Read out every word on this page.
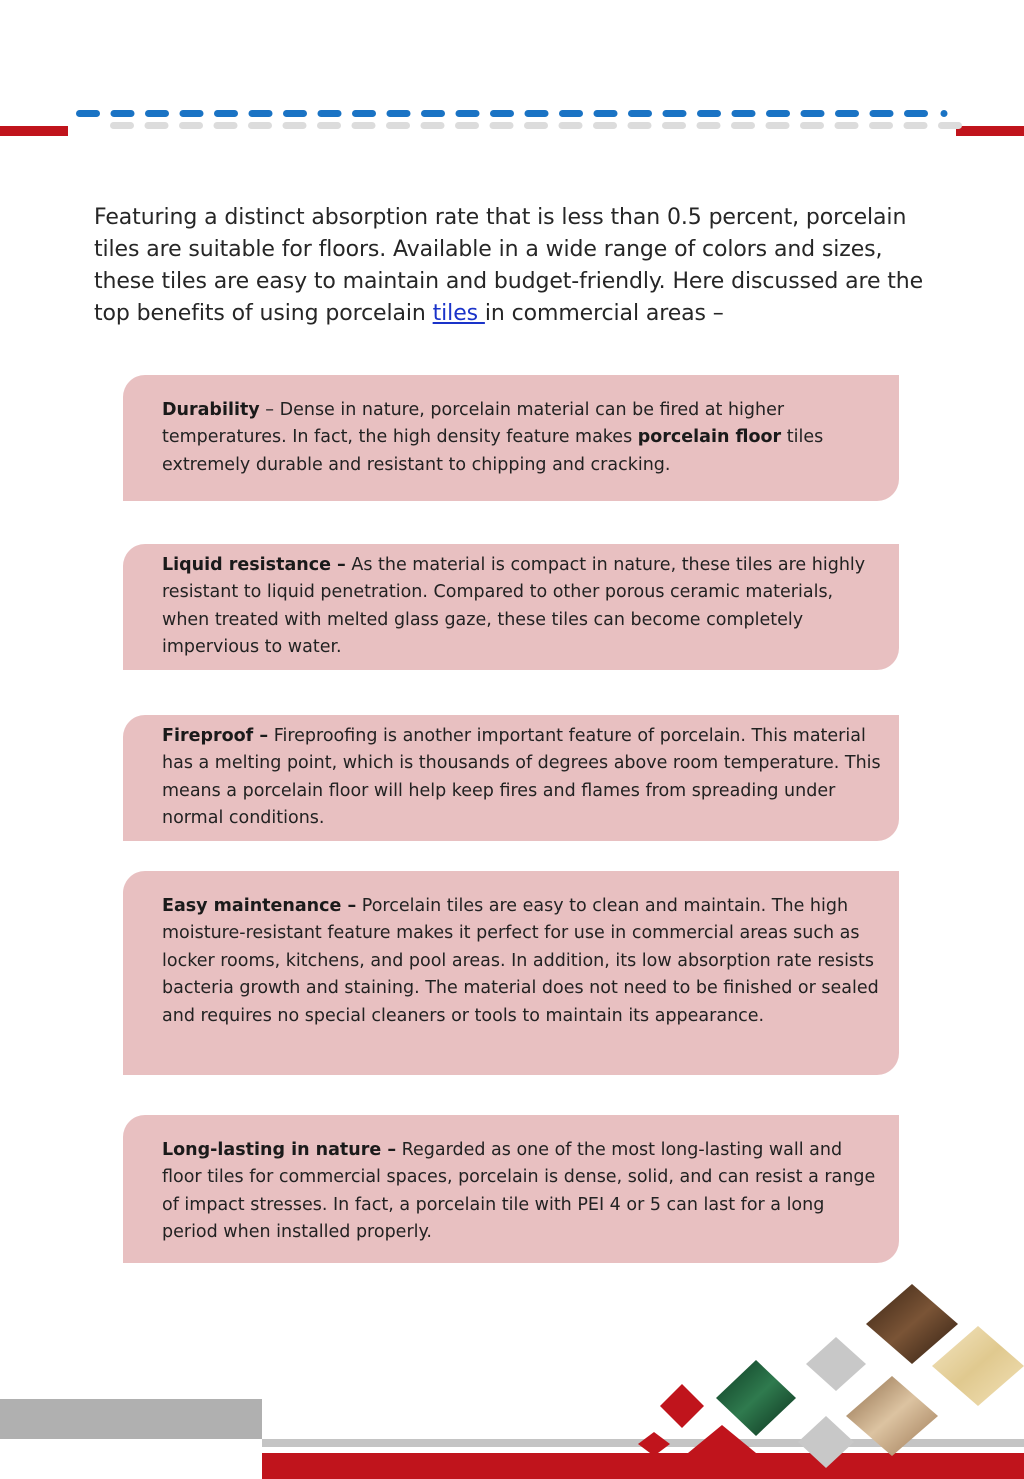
Featuring a distinct absorption rate that is less than 0.5 percent, porcelain tiles are suitable for floors. Available in a wide range of colors and sizes, these tiles are easy to maintain and budget-friendly. Here discussed are the top benefits of using porcelain tiles in commercial areas –

Durability – Dense in nature, porcelain material can be fired at higher temperatures. In fact, the high density feature makes porcelain floor tiles extremely durable and resistant to chipping and cracking.
Liquid resistance – As the material is compact in nature, these tiles are highly resistant to liquid penetration. Compared to other porous ceramic materials, when treated with melted glass gaze, these tiles can become completely impervious to water.
Fireproof – Fireproofing is another important feature of porcelain. This material has a melting point, which is thousands of degrees above room temperature. This means a porcelain floor will help keep fires and flames from spreading under normal conditions.
Easy maintenance – Porcelain tiles are easy to clean and maintain. The high moisture-resistant feature makes it perfect for use in commercial areas such as locker rooms, kitchens, and pool areas. In addition, its low absorption rate resists bacteria growth and staining. The material does not need to be finished or sealed and requires no special cleaners or tools to maintain its appearance.
Long-lasting in nature – Regarded as one of the most long-lasting wall and floor tiles for commercial spaces, porcelain is dense, solid, and can resist a range of impact stresses. In fact, a porcelain tile with PEI 4 or 5 can last for a long period when installed properly.
